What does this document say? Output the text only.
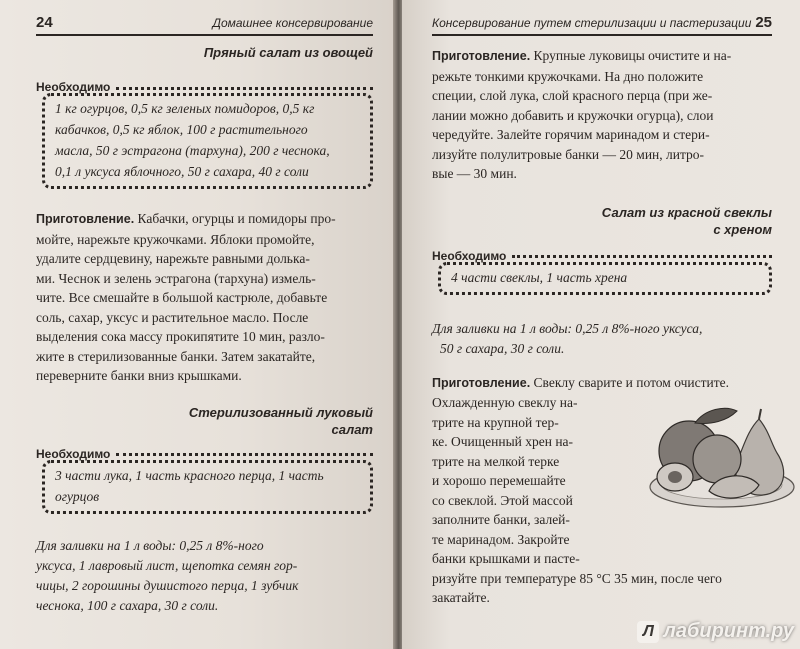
24	Домашнее консервирование
Пряный салат из овощей
Необходимо
1 кг огурцов, 0,5 кг зеленых помидоров, 0,5 кг
кабачков, 0,5 кг яблок, 100 г растительного
масла, 50 г эстрагона (тархуна), 200 г чеснока,
0,1 л уксуса яблочного, 50 г сахара, 40 г соли

Приготовление. Кабачки, огурцы и помидоры про-

мойте, нарежьте кружочками. Яблоки промойте,

удалите сердцевину, нарежьте равными долька-

ми. Чеснок и зелень эстрагона (тархуна) измель-

чите. Все смешайте в большой кастрюле, добавьте

соль, сахар, уксус и растительное масло. После

выделения сока массу прокипятите 10 мин, разло-

жите в стерилизованные банки. Затем закатайте,

переверните банки вниз крышками.

Стерилизованный луковый
салат
Необходимо
3 части лука, 1 часть красного перца, 1 часть
огурцов

Для заливки на 1 л воды: 0,25 л 8%-ного

уксуса, 1 лавровый лист, щепотка семян гор-

чицы, 2 горошины душистого перца, 1 зубчик

чеснока, 100 г сахара, 30 г соли.

Консервирование путем стерилизации и пастеризации 25

Приготовление. Крупные луковицы очистите и на-

режьте тонкими кружочками. На дно положите

специи, слой лука, слой красного перца (при же-

лании можно добавить и кружочки огурца), слои

чередуйте. Залейте горячим маринадом и стери-

лизуйте полулитровые банки — 20 мин, литро-

вые — 30 мин.

Салат из красной свеклы
с хреном
Необходимо
4 части свеклы, 1 часть хрена

Для заливки на 1 л воды: 0,25 л 8%-ного уксуса,

50 г сахара, 30 г соли.

Приготовление. Свеклу сварите и потом очистите.

Охлажденную свеклу на-

трите на крупной тер-

ке. Очищенный хрен на-

трите на мелкой терке

и хорошо перемешайте

со свеклой. Этой массой

заполните банки, залей-

те маринадом. Закройте

банки крышками и пасте-

ризуйте при температуре 85 °С 35 мин, после чего

закатайте.

Л лабиринт.ру
